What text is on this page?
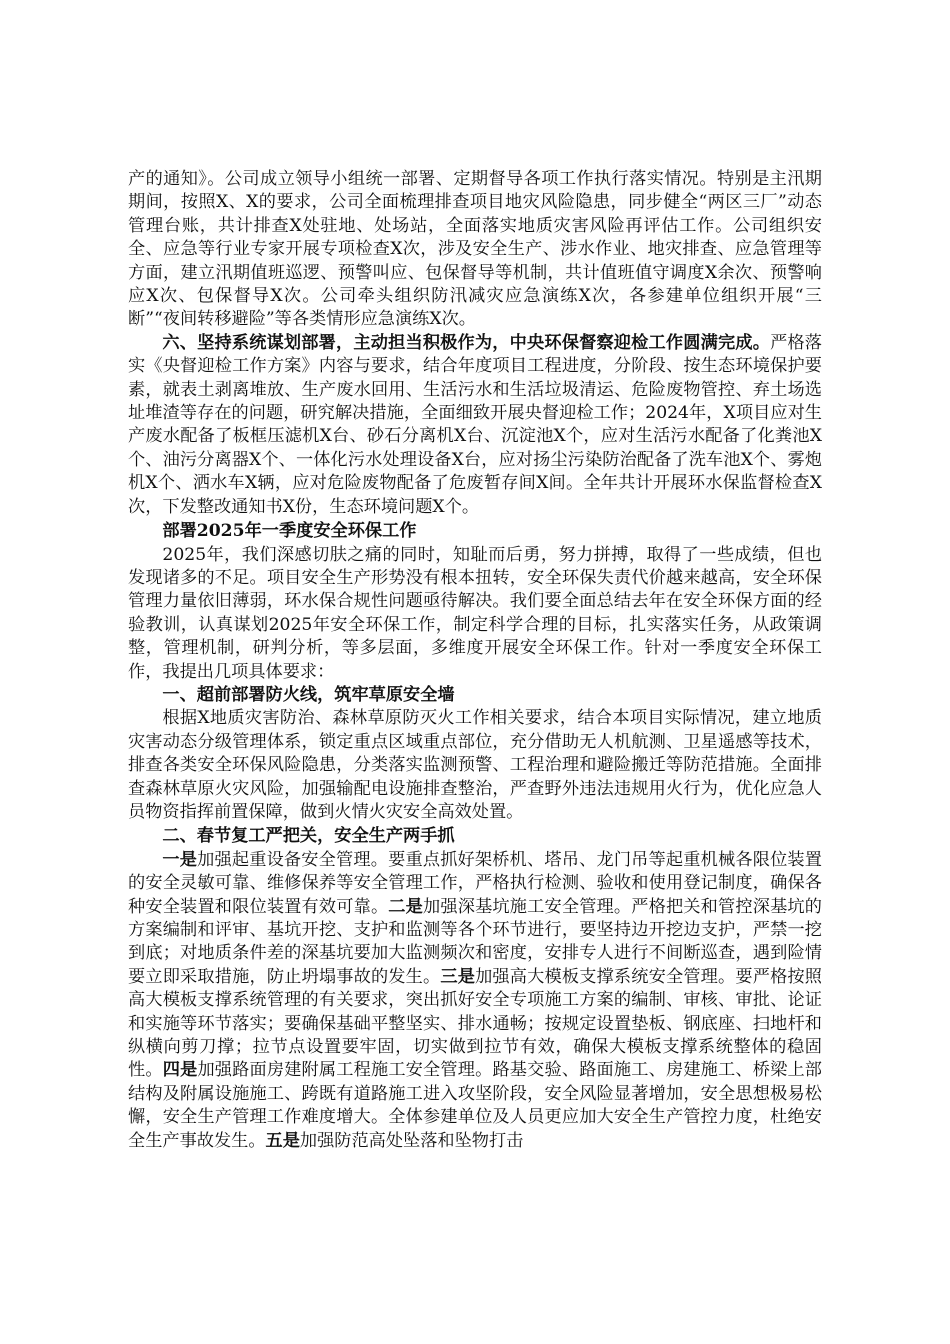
产的通知》。公司成立领导小组统一部署、定期督导各项工作执行落实情况。特别是主汛期期间，按照X、X的要求，公司全面梳理排查项目地灾风险隐患，同步健全“两区三厂”动态管理台账，共计排查X处驻地、处场站，全面落实地质灾害风险再评估工作。公司组织安全、应急等行业专家开展专项检查X次，涉及安全生产、涉水作业、地灾排查、应急管理等方面，建立汛期值班巡逻、预警叫应、包保督导等机制，共计值班值守调度X余次、预警响应X次、包保督导X次。公司牵头组织防汛减灾应急演练X次，各参建单位组织开展“三断”“夜间转移避险”等各类情形应急演练X次。

六、坚持系统谋划部署，主动担当积极作为，中央环保督察迎检工作圆满完成。严格落实《央督迎检工作方案》内容与要求，结合年度项目工程进度，分阶段、按生态环境保护要素，就表土剥离堆放、生产废水回用、生活污水和生活垃圾清运、危险废物管控、弃土场选址堆渣等存在的问题，研究解决措施，全面细致开展央督迎检工作；2024年，X项目应对生产废水配备了板框压滤机X台、砂石分离机X台、沉淀池X个，应对生活污水配备了化粪池X个、油污分离器X个、一体化污水处理设备X台，应对扬尘污染防治配备了洗车池X个、雾炮机X个、洒水车X辆，应对危险废物配备了危废暂存间X间。全年共计开展环水保监督检查X次，下发整改通知书X份，生态环境问题X个。

部署2025年一季度安全环保工作

2025年，我们深感切肤之痛的同时，知耻而后勇，努力拼搏，取得了一些成绩，但也发现诸多的不足。项目安全生产形势没有根本扭转，安全环保失责代价越来越高，安全环保管理力量依旧薄弱，环水保合规性问题亟待解决。我们要全面总结去年在安全环保方面的经验教训，认真谋划2025年安全环保工作，制定科学合理的目标，扎实落实任务，从政策调整，管理机制，研判分析，等多层面，多维度开展安全环保工作。针对一季度安全环保工作，我提出几项具体要求：

一、超前部署防火线，筑牢草原安全墙

根据X地质灾害防治、森林草原防灭火工作相关要求，结合本项目实际情况，建立地质灾害动态分级管理体系，锁定重点区域重点部位，充分借助无人机航测、卫星遥感等技术，排查各类安全环保风险隐患，分类落实监测预警、工程治理和避险搬迁等防范措施。全面排查森林草原火灾风险，加强输配电设施排查整治，严查野外违法违规用火行为，优化应急人员物资指挥前置保障，做到火情火灾安全高效处置。

二、春节复工严把关，安全生产两手抓

一是加强起重设备安全管理。要重点抓好架桥机、塔吊、龙门吊等起重机械各限位装置的安全灵敏可靠、维修保养等安全管理工作，严格执行检测、验收和使用登记制度，确保各种安全装置和限位装置有效可靠。二是加强深基坑施工安全管理。严格把关和管控深基坑的方案编制和评审、基坑开挖、支护和监测等各个环节进行，要坚持边开挖边支护，严禁一挖到底；对地质条件差的深基坑要加大监测频次和密度，安排专人进行不间断巡查，遇到险情要立即采取措施，防止坍塌事故的发生。三是加强高大模板支撑系统安全管理。要严格按照高大模板支撑系统管理的有关要求，突出抓好安全专项施工方案的编制、审核、审批、论证和实施等环节落实；要确保基础平整坚实、排水通畅；按规定设置垫板、钢底座、扫地杆和纵横向剪刀撑；拉节点设置要牢固，切实做到拉节有效，确保大模板支撑系统整体的稳固性。四是加强路面房建附属工程施工安全管理。路基交验、路面施工、房建施工、桥梁上部结构及附属设施施工、跨既有道路施工进入攻坚阶段，安全风险显著增加，安全思想极易松懈，安全生产管理工作难度增大。全体参建单位及人员更应加大安全生产管控力度，杜绝安全生产事故发生。五是加强防范高处坠落和坠物打击
